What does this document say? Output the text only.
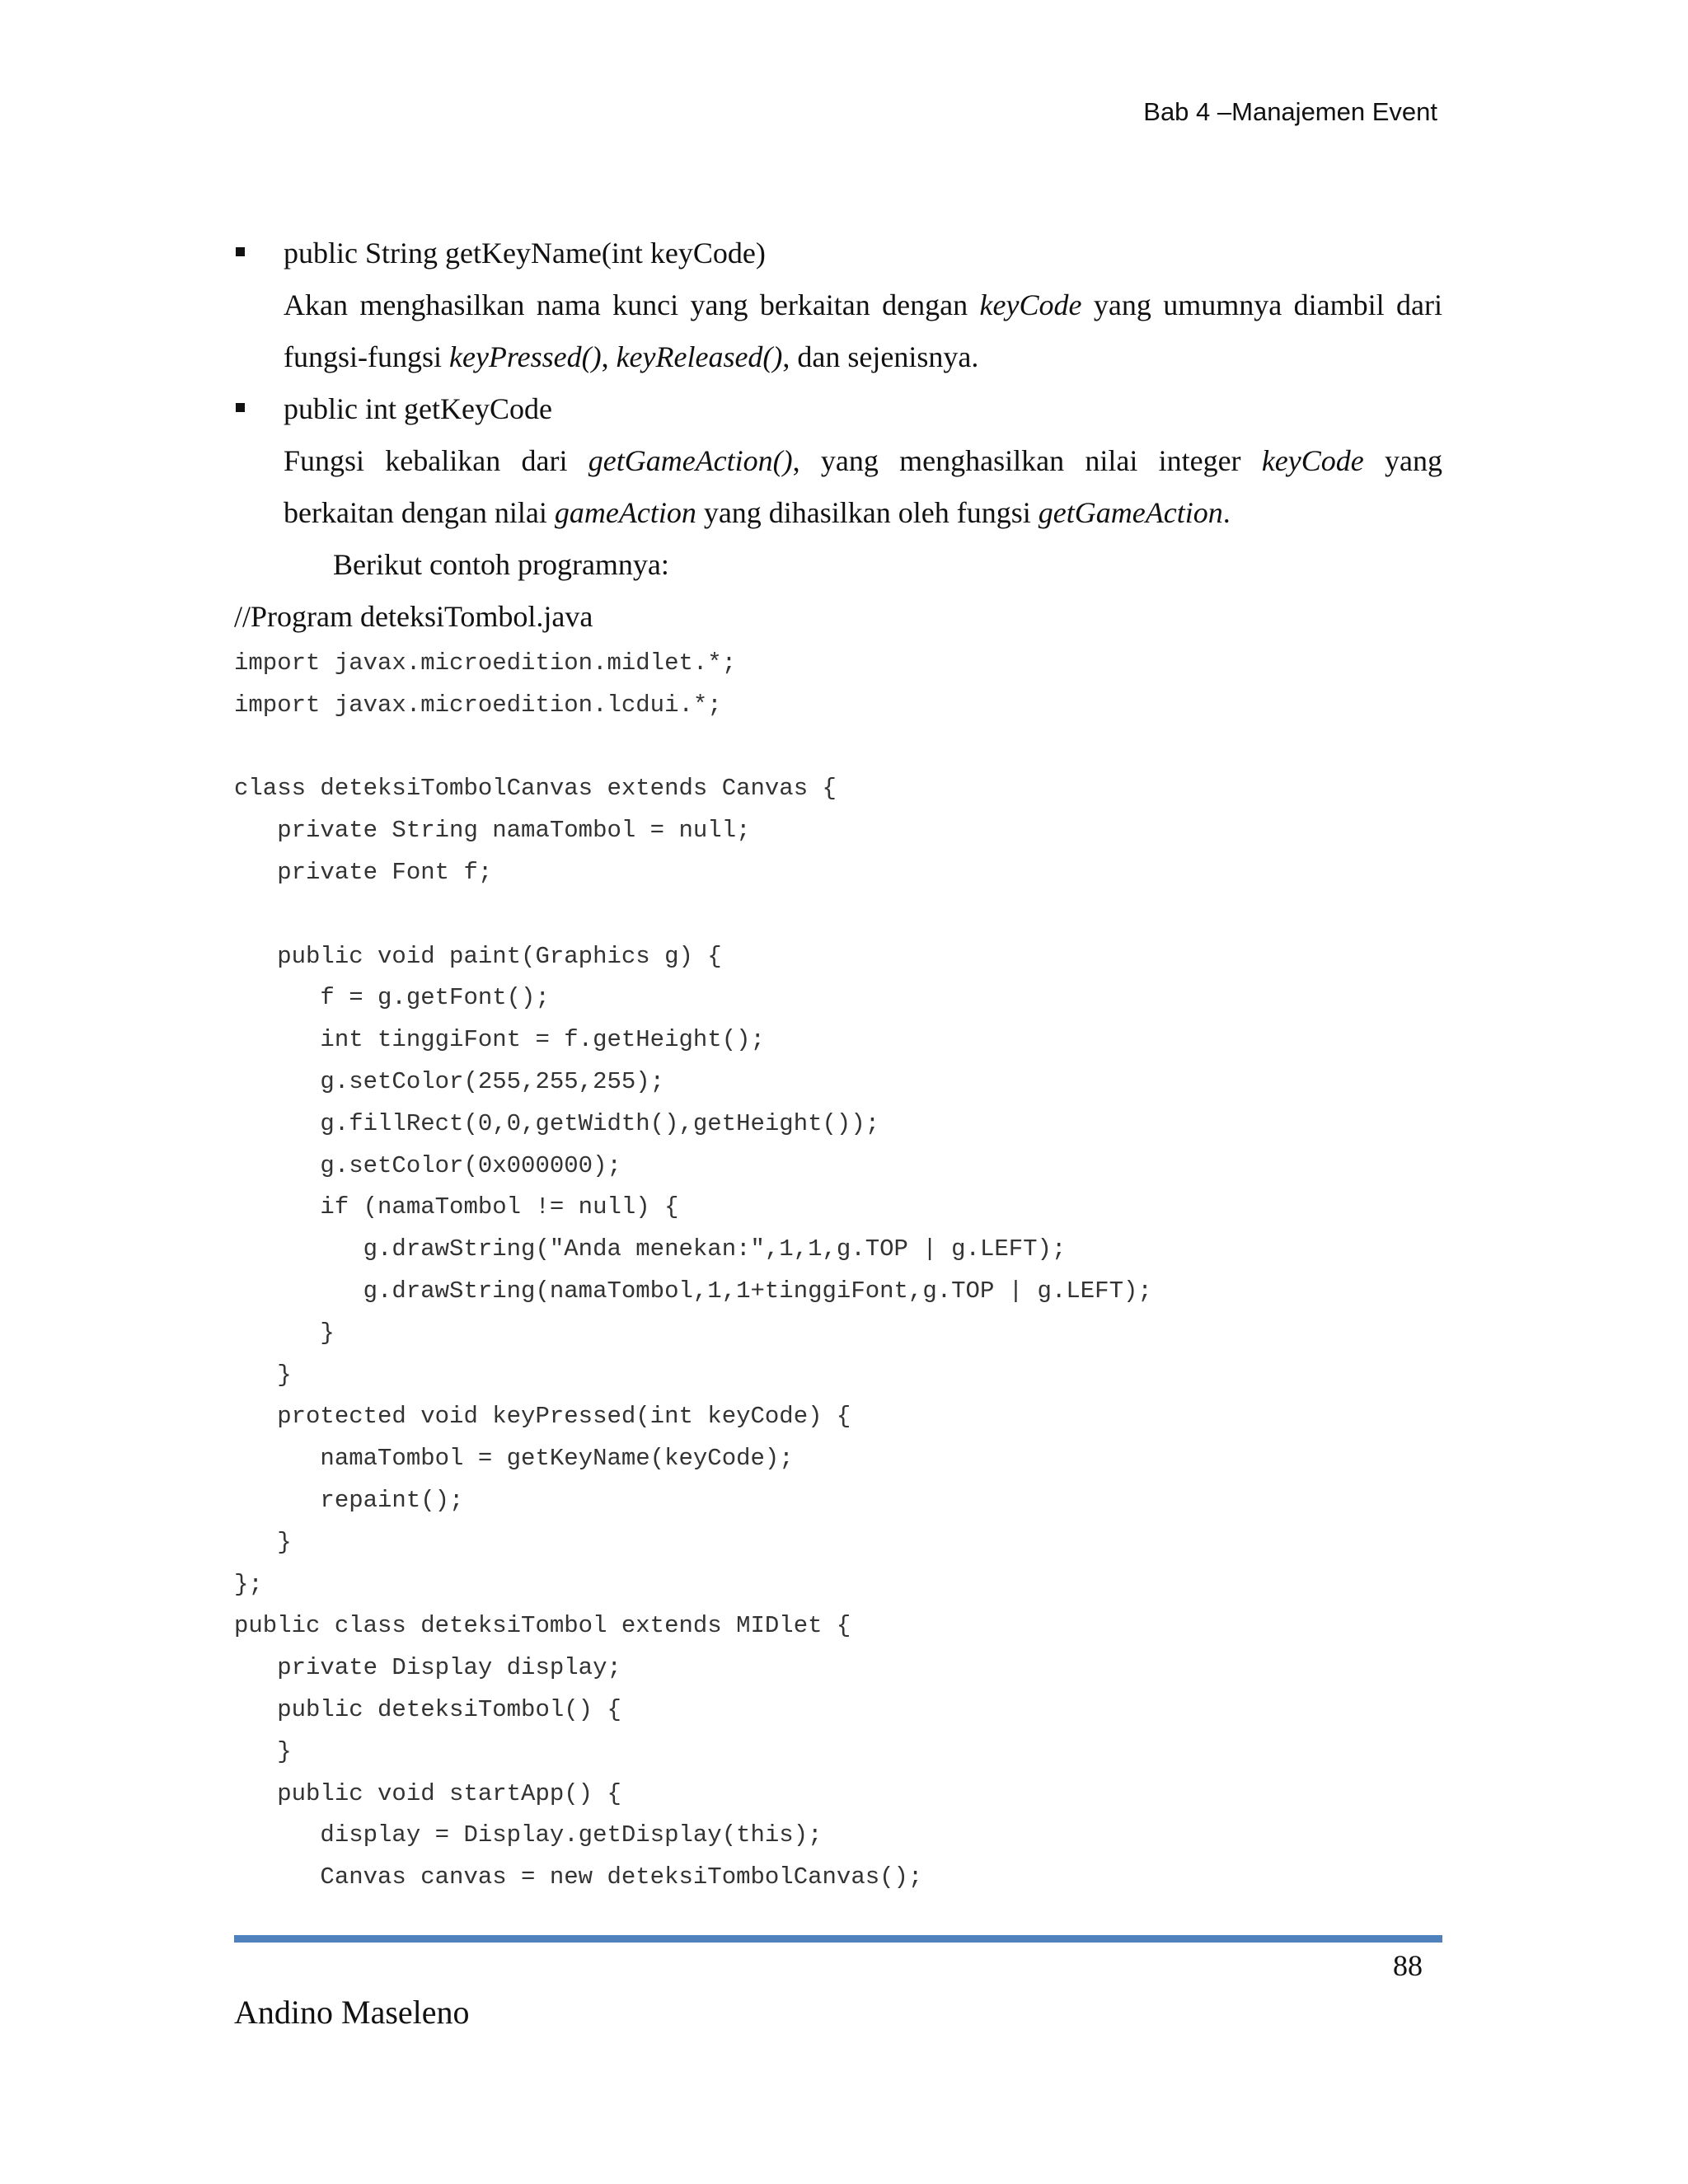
Bab 4 –Manajemen Event
public String getKeyName(int keyCode)
Akan menghasilkan nama kunci yang berkaitan dengan keyCode yang umumnya diambil dari fungsi-fungsi keyPressed(), keyReleased(), dan sejenisnya.
public int getKeyCode
Fungsi kebalikan dari getGameAction(), yang menghasilkan nilai integer keyCode yang
berkaitan dengan nilai gameAction yang dihasilkan oleh fungsi getGameAction.
Berikut contoh programnya:
//Program deteksiTombol.java
import javax.microedition.midlet.*;
import javax.microedition.lcdui.*;
class deteksiTombolCanvas extends Canvas {
private String namaTombol = null;
private Font f;
public void paint(Graphics g) {
f = g.getFont();
int tinggiFont = f.getHeight();
g.setColor(255,255,255);
g.fillRect(0,0,getWidth(),getHeight());
g.setColor(0x000000);
if (namaTombol != null) {
g.drawString("Anda menekan:",1,1,g.TOP | g.LEFT);
g.drawString(namaTombol,1,1+tinggiFont,g.TOP | g.LEFT);
}
}
protected void keyPressed(int keyCode) {
namaTombol = getKeyName(keyCode);
repaint();
}
};
public class deteksiTombol extends MIDlet {
private Display display;
public deteksiTombol() {
}
public void startApp() {
display = Display.getDisplay(this);
Canvas canvas = new deteksiTombolCanvas();
88
Andino Maseleno
